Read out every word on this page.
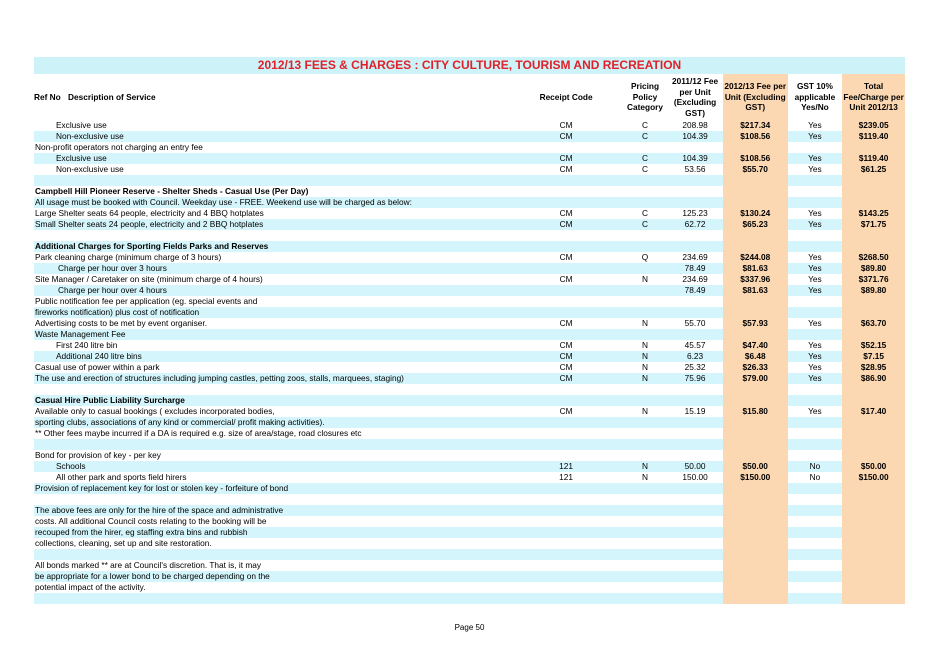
2012/13 FEES & CHARGES : CITY CULTURE, TOURISM AND RECREATION
Ref No Description of Service	Receipt Code	Pricing Policy Category	2011/12 Fee per Unit (Excluding GST)	2012/13 Fee per Unit (Excluding GST)	GST 10% applicable Yes/No	Total Fee/Charge per Unit 2012/13
Exclusive use	CM	C	208.98	$217.34	Yes	$239.05
Non-exclusive use	CM	C	104.39	$108.56	Yes	$119.40
Non-profit operators not charging an entry fee						
Exclusive use	CM	C	104.39	$108.56	Yes	$119.40
Non-exclusive use	CM	C	53.56	$55.70	Yes	$61.25

Campbell Hill Pioneer Reserve - Shelter Sheds - Casual Use (Per Day)						
All usage must be booked with Council. Weekday use - FREE. Weekend use will be charged as below:						
Large Shelter seats 64 people, electricity and 4 BBQ hotplates	CM	C	125.23	$130.24	Yes	$143.25
Small Shelter seats 24 people, electricity and 2 BBQ hotplates	CM	C	62.72	$65.23	Yes	$71.75

Additional Charges for Sporting Fields Parks and Reserves						
Park cleaning charge (minimum charge of 3 hours)	CM	Q	234.69	$244.08	Yes	$268.50
Charge per hour over 3 hours			78.49	$81.63	Yes	$89.80
Site Manager / Caretaker on site (minimum charge of 4 hours)	CM	N	234.69	$337.96	Yes	$371.76
Charge per hour over 4 hours			78.49	$81.63	Yes	$89.80
Public notification fee per application (eg. special events and						
fireworks notification) plus cost of notification						
Advertising costs to be met by event organiser.	CM	N	55.70	$57.93	Yes	$63.70
Waste Management Fee						
First 240 litre bin	CM	N	45.57	$47.40	Yes	$52.15
Additional 240 litre bins	CM	N	6.23	$6.48	Yes	$7.15
Casual use of power within a park	CM	N	25.32	$26.33	Yes	$28.95
The use and erection of structures including jumping castles, petting zoos, stalls, marquees, staging)	CM	N	75.96	$79.00	Yes	$86.90

Casual Hire Public Liability Surcharge						
Available only to casual bookings ( excludes incorporated bodies,	CM	N	15.19	$15.80	Yes	$17.40
sporting clubs, associations of any kind or commercial/ profit making activities).						
** Other fees maybe incurred if a DA is required e.g. size of area/stage, road closures etc						

Bond for provision of key - per key						
Schools	121	N	50.00	$50.00	No	$50.00
All other park and sports field hirers	121	N	150.00	$150.00	No	$150.00
Provision of replacement key for lost or stolen key - forfeiture of bond						

The above fees are only for the hire of the space and administrative						
costs. All additional Council costs relating to the booking will be						
recouped from the hirer, eg staffing extra bins and rubbish						
collections, cleaning, set up and site restoration.						

All bonds marked ** are at Council's discretion. That is, it may						
be appropriate for a lower bond to be charged depending on the						
potential impact of the activity.						

Page 50
